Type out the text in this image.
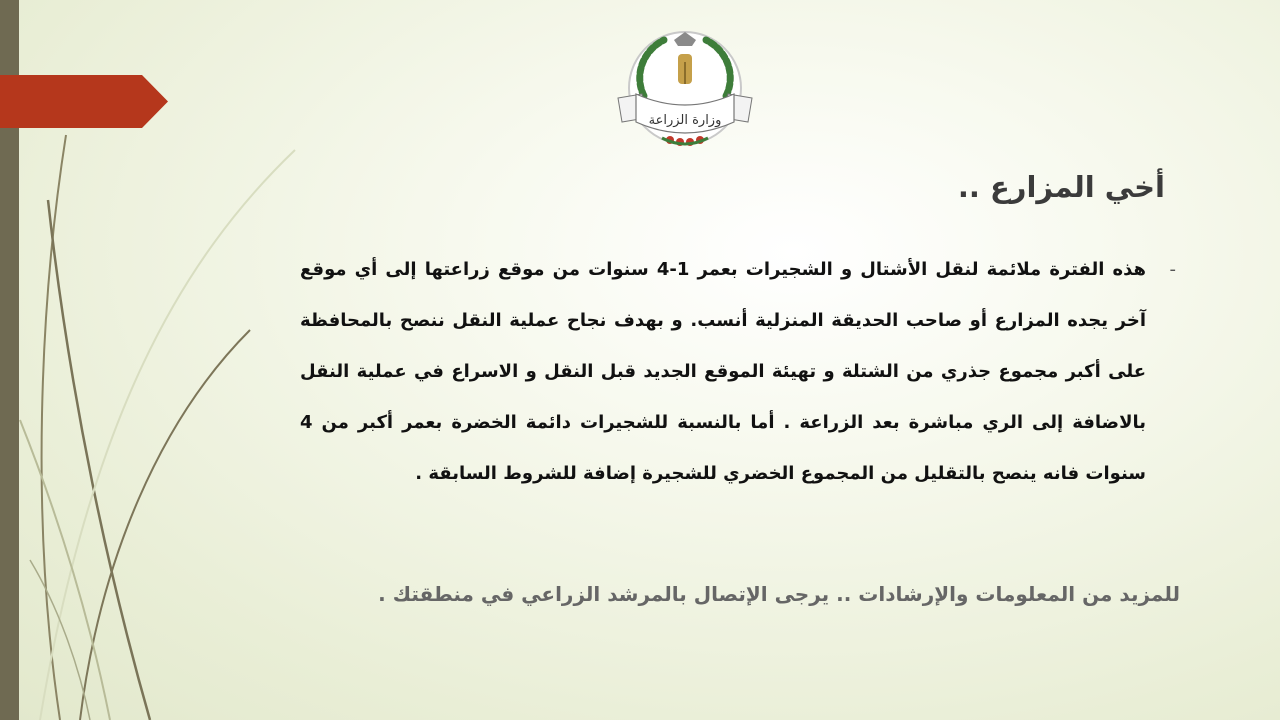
وزارة الزراعة
أخي المزارع ..
-
هذه الفترة ملائمة لنقل الأشتال و الشجيرات بعمر 1-4 سنوات من موقع زراعتها إلى أي موقع آخر يجده المزارع أو صاحب الحديقة المنزلية أنسب. و بهدف نجاح عملية النقل ننصح بالمحافظة على أكبر مجموع جذري من الشتلة و تهيئة الموقع الجديد قبل النقل و الاسراع في عملية النقل بالاضافة إلى الري مباشرة بعد الزراعة . أما بالنسبة للشجيرات دائمة الخضرة بعمر أكبر من 4 سنوات فانه ينصح بالتقليل من المجموع الخضري للشجيرة إضافة للشروط السابقة .

للمزيد من المعلومات والإرشادات .. يرجى الإتصال بالمرشد الزراعي في منطقتك .
